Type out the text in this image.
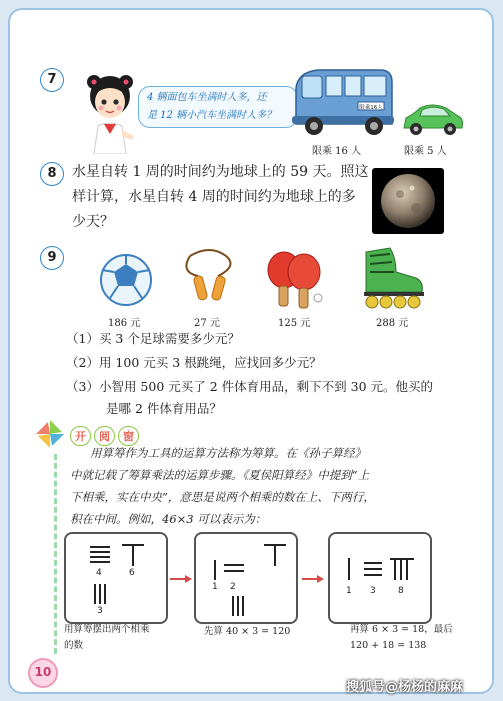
7
4 辆面包车坐满时人多，还
是 12 辆小汽车坐满时人多？
限乘16人
限乘 16 人	限乘 5 人
8	水星自转 1 周的时间约为地球上的 59 天。照这
样计算，水星自转 4 周的时间约为地球上的多
少天？
9
186 元	27 元	125 元	288 元
（1）买 3 个足球需要多少元？
（2）用 100 元买 3 根跳绳，应找回多少元？
（3）小智用 500 元买了 2 件体育用品，剩下不到 30 元。他买的
是哪 2 件体育用品？
开	阅	窗
用算筹作为工具的运算方法称为筹算。在《孙子算经》
中就记载了筹算乘法的运算步骤。《夏侯阳算经》中提到“上
下相乘，实在中央”，意思是说两个相乘的数在上、下两行，
积在中间。例如，46×3 可以表示为：
4	6
3
用算筹摆出两个相乘
的数
1 2
先算 40 × 3 = 120
1 3 8
再算 6 × 3 = 18，最后
120 + 18 = 138
10
搜狐号@杨杨的麻麻
